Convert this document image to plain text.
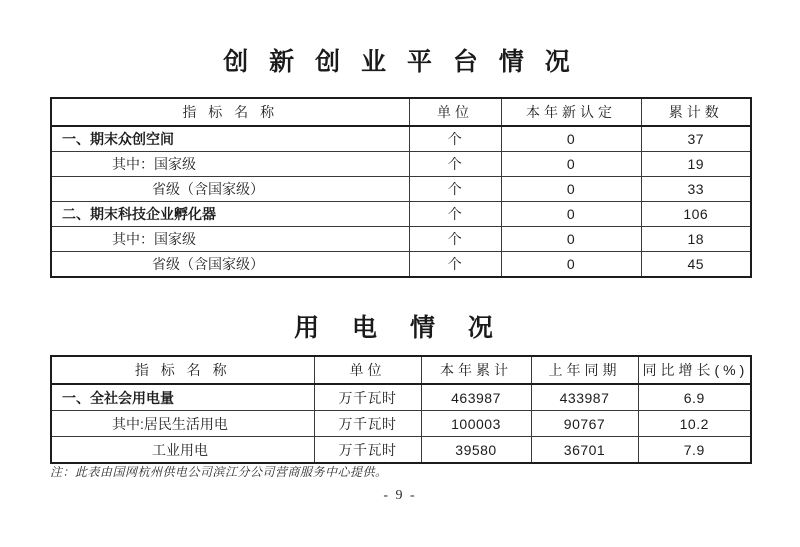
创 新 创 业 平 台 情 况
指 标 名 称	单位	本年新认定	累计数
一、期末众创空间	个	0	37
其中：国家级	个	0	19
省级（含国家级）	个	0	33
二、期末科技企业孵化器	个	0	106
其中：国家级	个	0	18
省级（含国家级）	个	0	45
用 电 情 况
指 标 名 称	单位	本年累计	上年同期	同比增长(%)
一、全社会用电量	万千瓦时	463987	433987	6.9
其中:居民生活用电	万千瓦时	100003	90767	10.2
工业用电	万千瓦时	39580	36701	7.9
注：此表由国网杭州供电公司滨江分公司营商服务中心提供。
- 9 -
